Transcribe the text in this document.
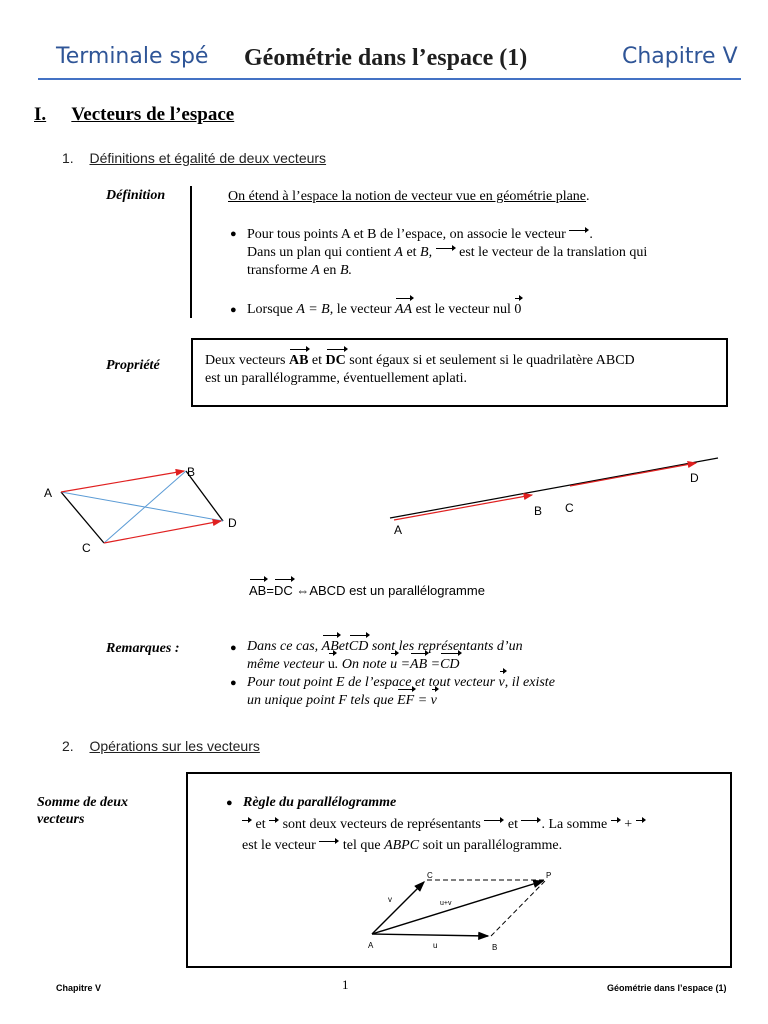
Terminale spé Géométrie dans l’espace (1)	Chapitre V
I. Vecteurs de l’espace
1. Définitions et égalité de deux vecteurs
Définition	On étend à l’espace la notion de vecteur vue en géométrie plane.
● Pour tous points A et B de l’espace, on associe le vecteur .
Dans un plan qui contient A et B, est le vecteur de la translation qui
transforme A en B.
● Lorsque A = B, le vecteur AA est le vecteur nul 0
Propriété	Deux vecteurs AB et DC sont égaux si et seulement si le quadrilatère ABCD
est un parallélogramme, éventuellement aplati.
A
B
C
D	A
B C
D
AB=DC ⇔ABCD est un parallélogramme
Remarques :	● Dans ce cas, ABetCD sont les représentants d’un
même vecteur u. On note u =AB =CD
● Pour tout point E de l’espace et tout vecteur v, il existe
un unique point F tels que EF = v
2. Opérations sur les vecteurs
Somme de deux
vecteurs
● Règle du parallélogramme
et sont deux vecteurs de représentants et . La somme +
est le vecteur tel que ABPC soit un parallélogramme.
A	B
C	P
u
v	u+v
Chapitre V	1	Géométrie dans l’espace (1)
